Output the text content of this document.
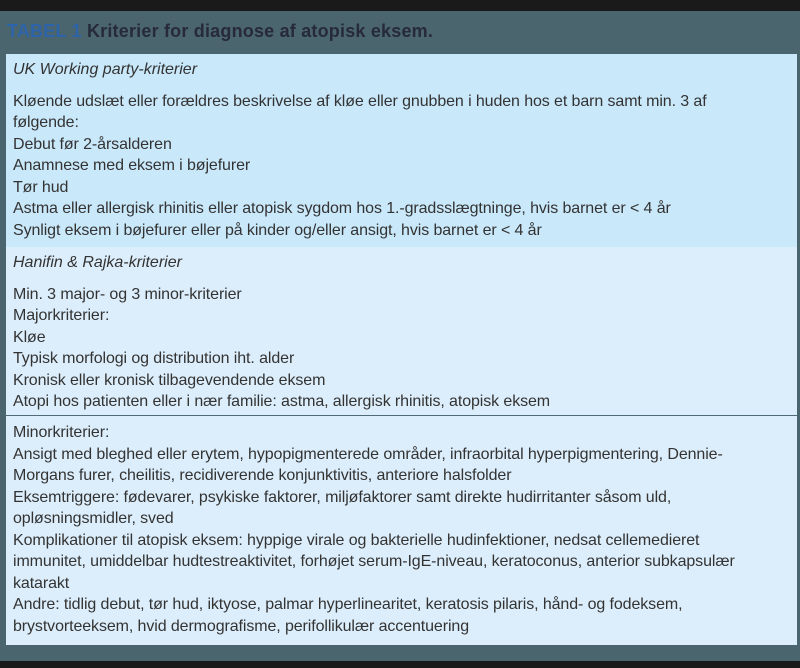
TABEL 1 Kriterier for diagnose af atopisk eksem.
UK Working party-kriterier
Kløende udslæt eller forældres beskrivelse af kløe eller gnubben i huden hos et barn samt min. 3 af
følgende:
Debut før 2-årsalderen
Anamnese med eksem i bøjefurer
Tør hud
Astma eller allergisk rhinitis eller atopisk sygdom hos 1.-gradsslægtninge, hvis barnet er < 4 år
Synligt eksem i bøjefurer eller på kinder og/eller ansigt, hvis barnet er < 4 år
Hanifin & Rajka-kriterier
Min. 3 major- og 3 minor-kriterier
Majorkriterier:
Kløe
Typisk morfologi og distribution iht. alder
Kronisk eller kronisk tilbagevendende eksem
Atopi hos patienten eller i nær familie: astma, allergisk rhinitis, atopisk eksem
Minorkriterier:
Ansigt med bleghed eller erytem, hypopigmenterede områder, infraorbital hyperpigmentering, Dennie-
Morgans furer, cheilitis, recidiverende konjunktivitis, anteriore halsfolder
Eksemtriggere: fødevarer, psykiske faktorer, miljøfaktorer samt direkte hudirritanter såsom uld,
opløsningsmidler, sved
Komplikationer til atopisk eksem: hyppige virale og bakterielle hudinfektioner, nedsat cellemedieret
immunitet, umiddelbar hudtestreaktivitet, forhøjet serum-IgE-niveau, keratoconus, anterior subkapsulær
katarakt
Andre: tidlig debut, tør hud, iktyose, palmar hyperlinearitet, keratosis pilaris, hånd- og fodeksem,
brystvorteeksem, hvid dermografisme, perifollikulær accentuering
